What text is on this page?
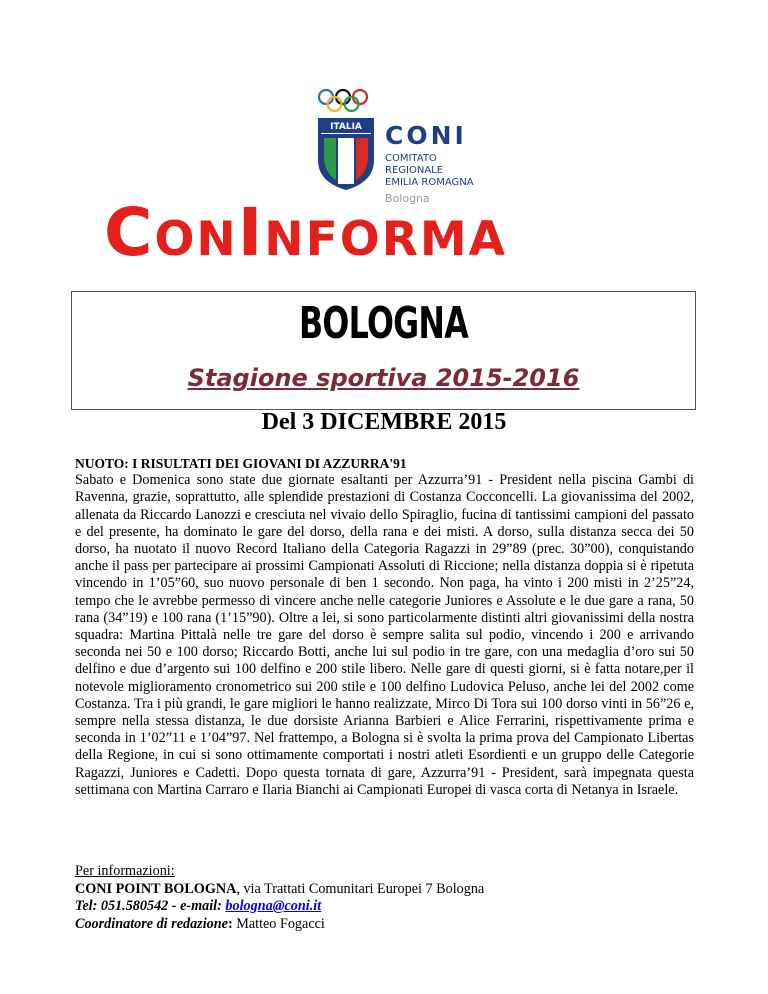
ITALIA CONI
COMITATO
REGIONALE
EMILIA ROMAGNA
Bologna
CONINFORMA
BOLOGNA
Stagione sportiva 2015-2016
Del 3 DICEMBRE 2015
NUOTO: I RISULTATI DEI GIOVANI DI AZZURRA'91

Sabato e Domenica sono state due giornate esaltanti per Azzurra’91 - President nella piscina Gambi di Ravenna, grazie, soprattutto, alle splendide prestazioni di Costanza Cocconcelli. La giovanissima del 2002, allenata da Riccardo Lanozzi e cresciuta nel vivaio dello Spiraglio, fucina di tantissimi campioni del passato e del presente, ha dominato le gare del dorso, della rana e dei misti. A dorso, sulla distanza secca dei 50 dorso, ha nuotato il nuovo Record Italiano della Categoria Ragazzi in 29”89 (prec. 30”00), conquistando anche il pass per partecipare ai prossimi Campionati Assoluti di Riccione; nella distanza doppia si è ripetuta vincendo in 1’05”60, suo nuovo personale di ben 1 secondo. Non paga, ha vinto i 200 misti in 2’25”24, tempo che le avrebbe permesso di vincere anche nelle categorie Juniores e Assolute e le due gare a rana, 50 rana (34”19) e 100 rana (1’15”90). Oltre a lei, si sono particolarmente distinti altri giovanissimi della nostra squadra: Martina Pittalà nelle tre gare del dorso è sempre salita sul podio, vincendo i 200 e arrivando seconda nei 50 e 100 dorso; Riccardo Botti, anche lui sul podio in tre gare, con una medaglia d’oro sui 50 delfino e due d’argento sui 100 delfino e 200 stile libero. Nelle gare di questi giorni, si è fatta notare,per il notevole miglioramento cronometrico sui 200 stile e 100 delfino Ludovica Peluso, anche lei del 2002 come Costanza. Tra i più grandi, le gare migliori le hanno realizzate, Mirco Di Tora sui 100 dorso vinti in 56”26 e, sempre nella stessa distanza, le due dorsiste Arianna Barbieri e Alice Ferrarini, rispettivamente prima e seconda in 1’02”11 e 1’04”97. Nel frattempo, a Bologna si è svolta la prima prova del Campionato Libertas della Regione, in cui si sono ottimamente comportati i nostri atleti Esordienti e un gruppo delle Categorie Ragazzi, Juniores e Cadetti. Dopo questa tornata di gare, Azzurra’91 - President, sarà impegnata questa settimana con Martina Carraro e Ilaria Bianchi ai Campionati Europei di vasca corta di Netanya in Israele.

Per informazioni:
CONI POINT BOLOGNA, via Trattati Comunitari Europei 7 Bologna
Tel: 051.580542 - e-mail: bologna@coni.it
Coordinatore di redazione: Matteo Fogacci
